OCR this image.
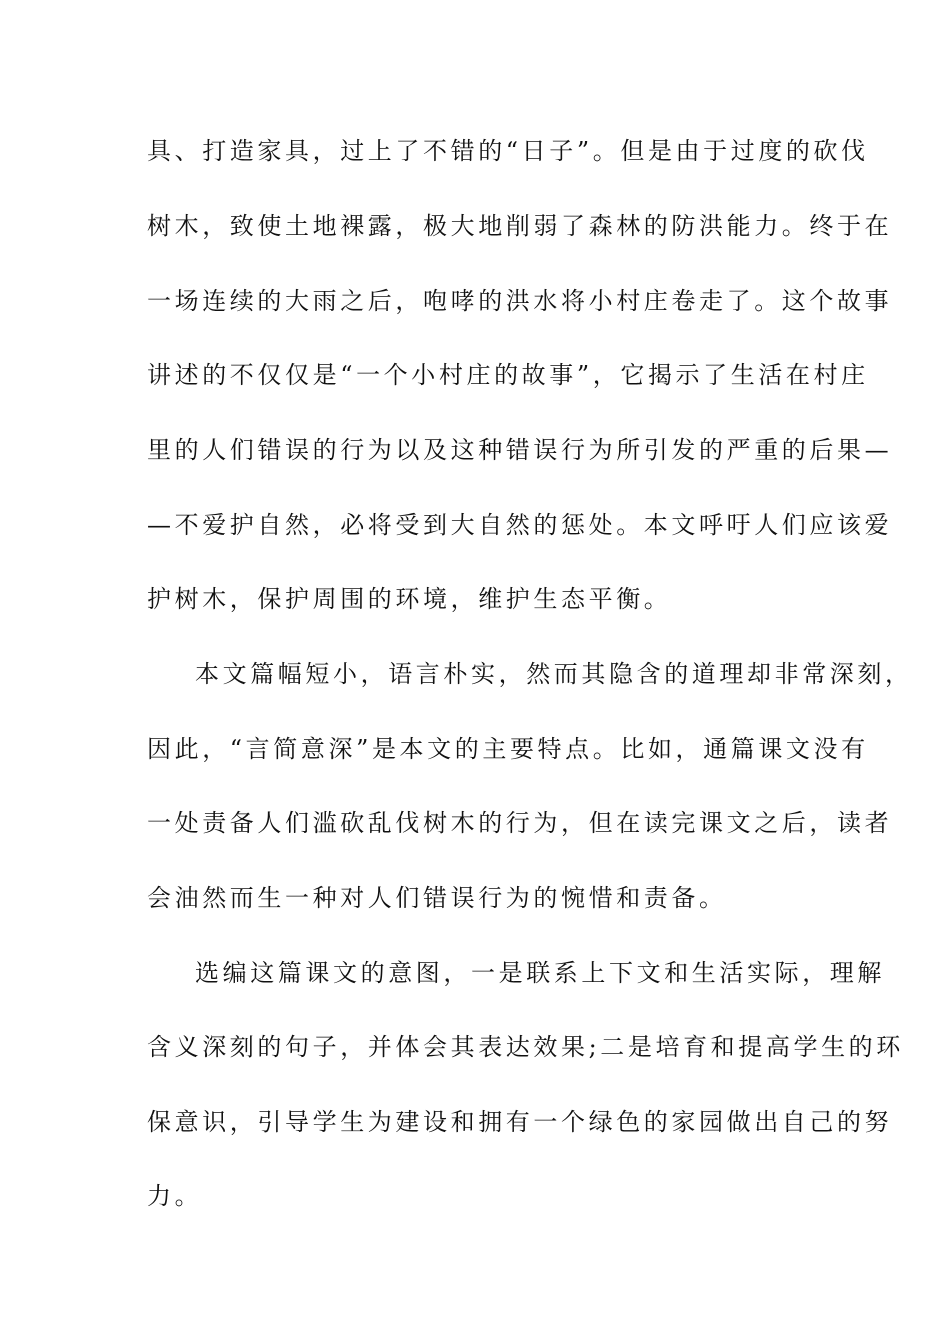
具、打造家具，过上了不错的“日子”。但是由于过度的砍伐
树木，致使土地裸露，极大地削弱了森林的防洪能力。终于在
一场连续的大雨之后，咆哮的洪水将小村庄卷走了。这个故事
讲述的不仅仅是“一个小村庄的故事”，它揭示了生活在村庄
里的人们错误的行为以及这种错误行为所引发的严重的后果—
—不爱护自然，必将受到大自然的惩处。本文呼吁人们应该爱
护树木，保护周围的环境，维护生态平衡。
本文篇幅短小，语言朴实，然而其隐含的道理却非常深刻，
因此，“言简意深”是本文的主要特点。比如，通篇课文没有
一处责备人们滥砍乱伐树木的行为，但在读完课文之后，读者
会油然而生一种对人们错误行为的惋惜和责备。
选编这篇课文的意图，一是联系上下文和生活实际，理解
含义深刻的句子，并体会其表达效果;二是培育和提高学生的环
保意识，引导学生为建设和拥有一个绿色的家园做出自己的努
力。
